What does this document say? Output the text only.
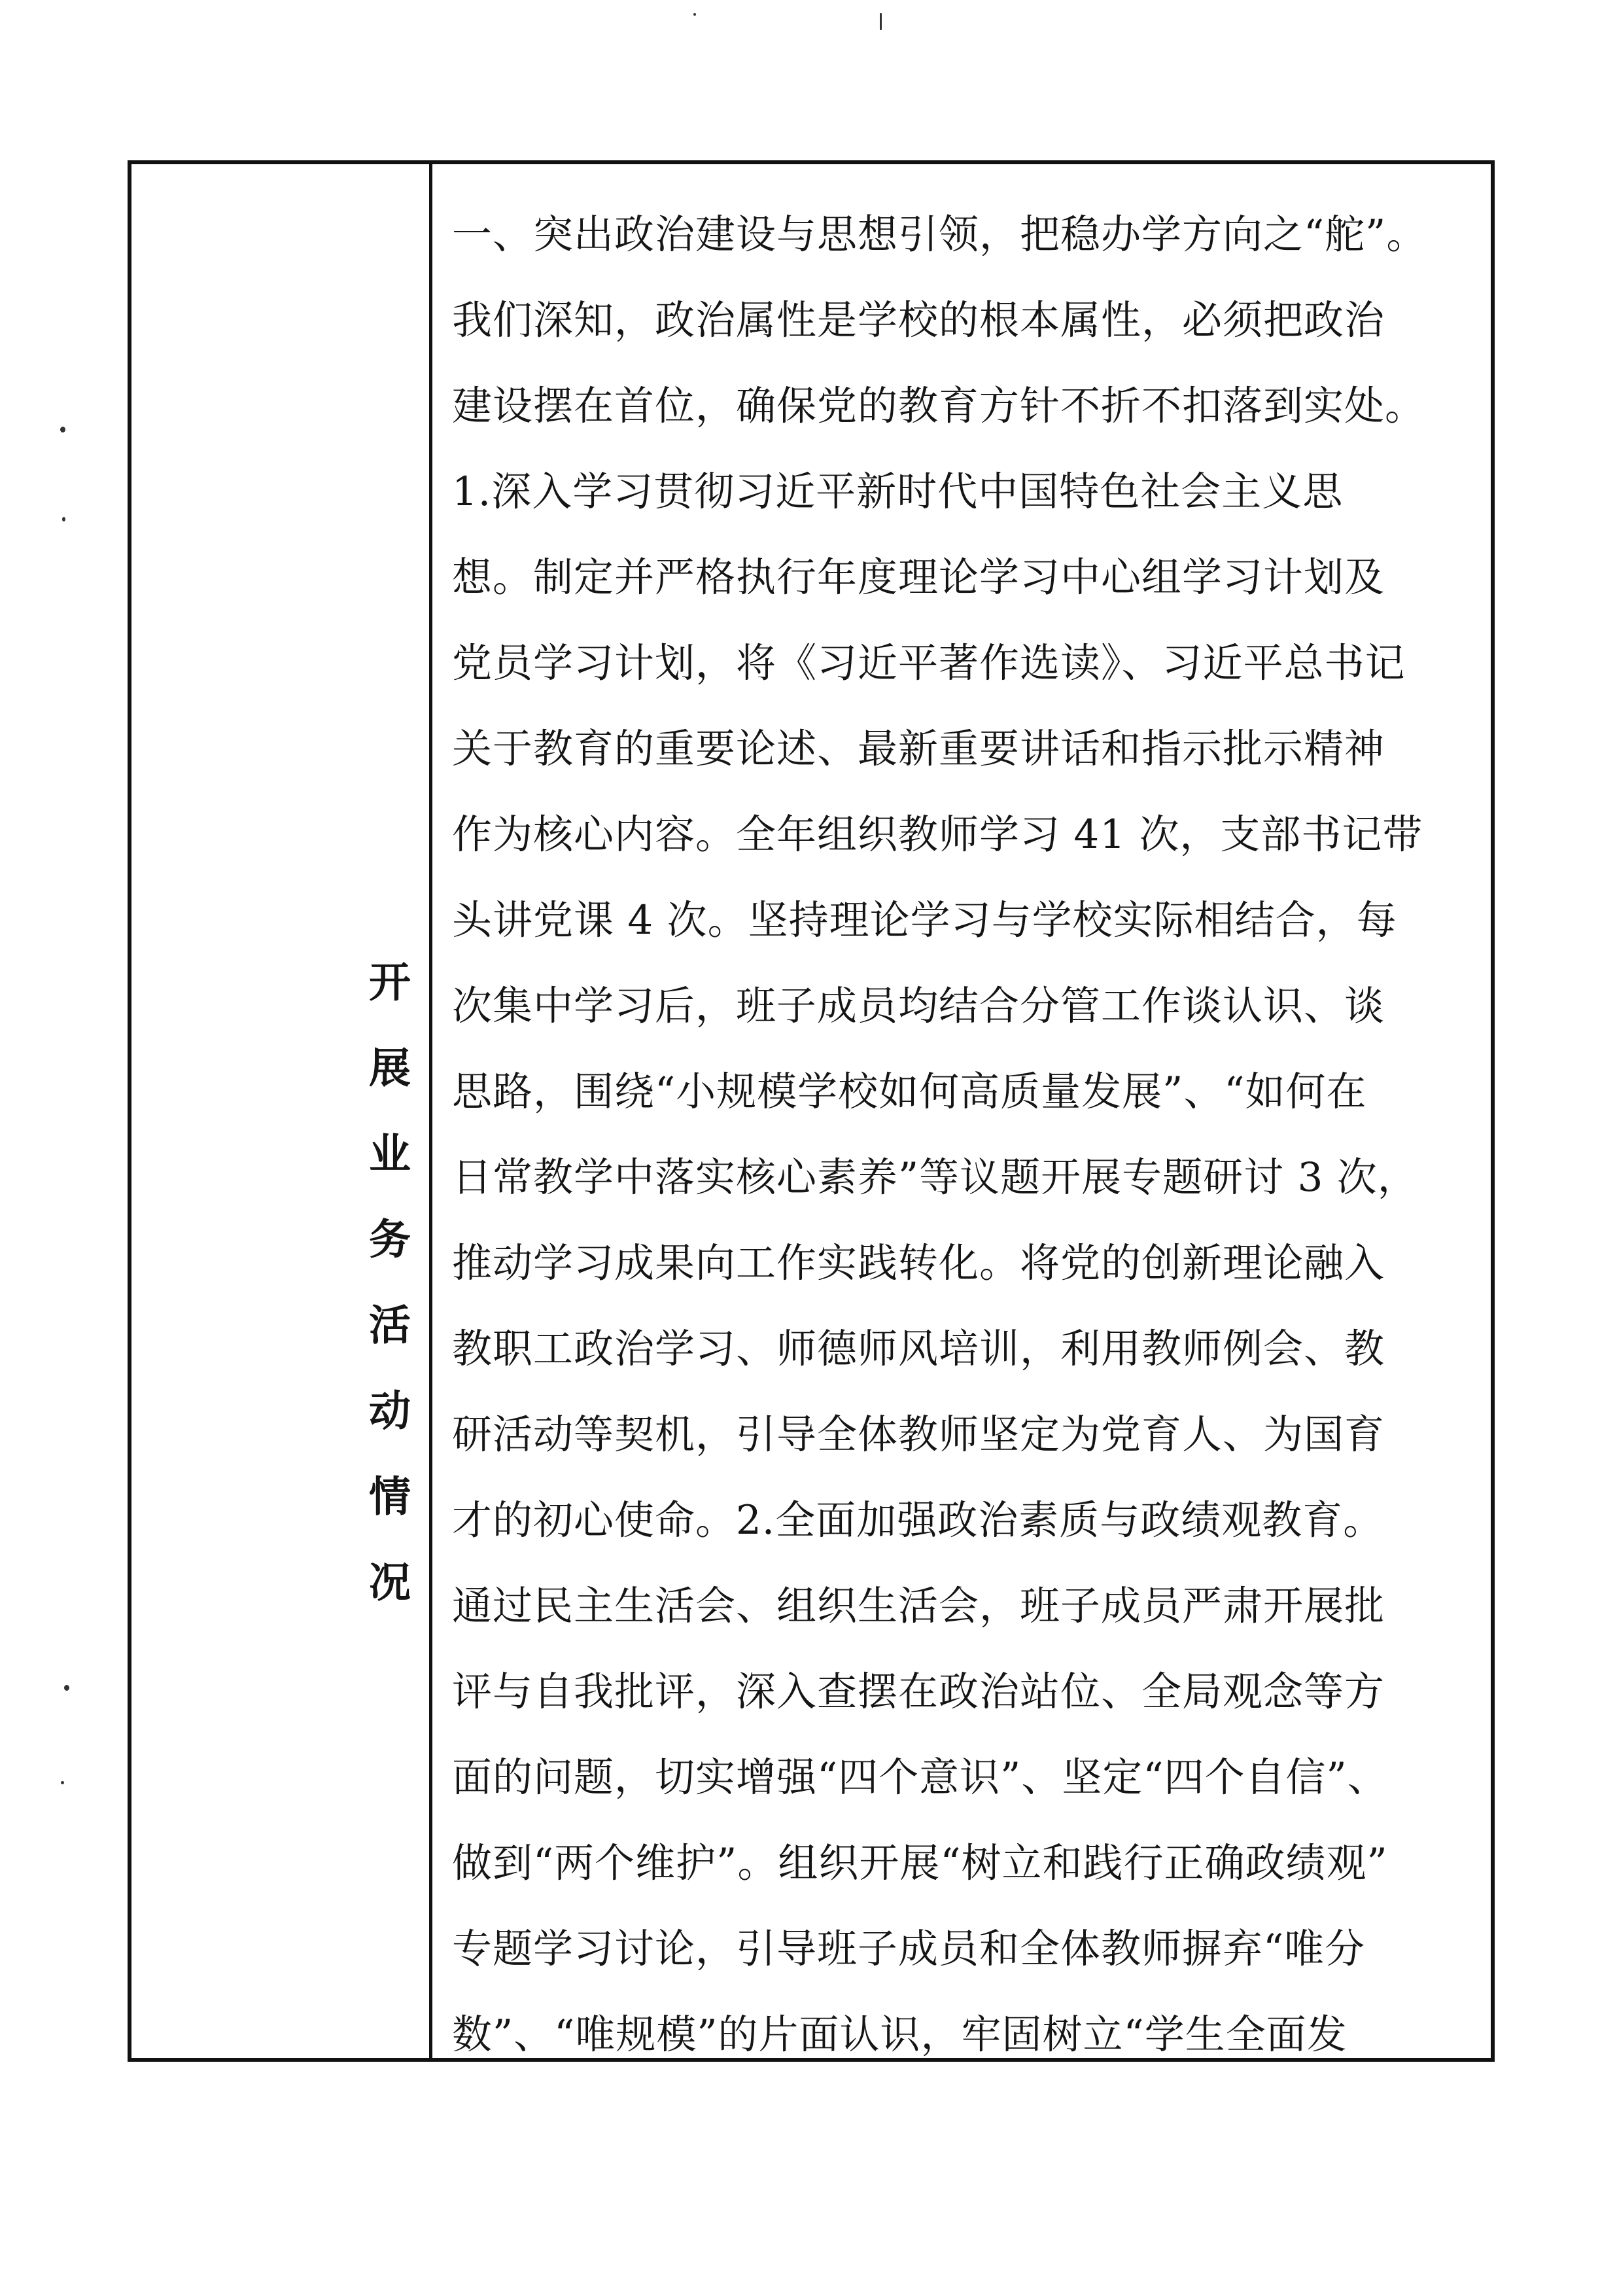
开展业务活动情况
一、突出政治建设与思想引领，把稳办学方向之“舵”。
我们深知，政治属性是学校的根本属性，必须把政治
建设摆在首位，确保党的教育方针不折不扣落到实处。
1.深入学习贯彻习近平新时代中国特色社会主义思
想。制定并严格执行年度理论学习中心组学习计划及
党员学习计划，将《习近平著作选读》、习近平总书记
关于教育的重要论述、最新重要讲话和指示批示精神
作为核心内容。全年组织教师学习 41 次，支部书记带
头讲党课 4 次。坚持理论学习与学校实际相结合，每
次集中学习后，班子成员均结合分管工作谈认识、谈
思路，围绕“小规模学校如何高质量发展”、“如何在
日常教学中落实核心素养”等议题开展专题研讨 3 次，
推动学习成果向工作实践转化。将党的创新理论融入
教职工政治学习、师德师风培训，利用教师例会、教
研活动等契机，引导全体教师坚定为党育人、为国育
才的初心使命。2.全面加强政治素质与政绩观教育。
通过民主生活会、组织生活会，班子成员严肃开展批
评与自我批评，深入查摆在政治站位、全局观念等方
面的问题，切实增强“四个意识”、坚定“四个自信”、
做到“两个维护”。组织开展“树立和践行正确政绩观”
专题学习讨论，引导班子成员和全体教师摒弃“唯分
数”、“唯规模”的片面认识，牢固树立“学生全面发
